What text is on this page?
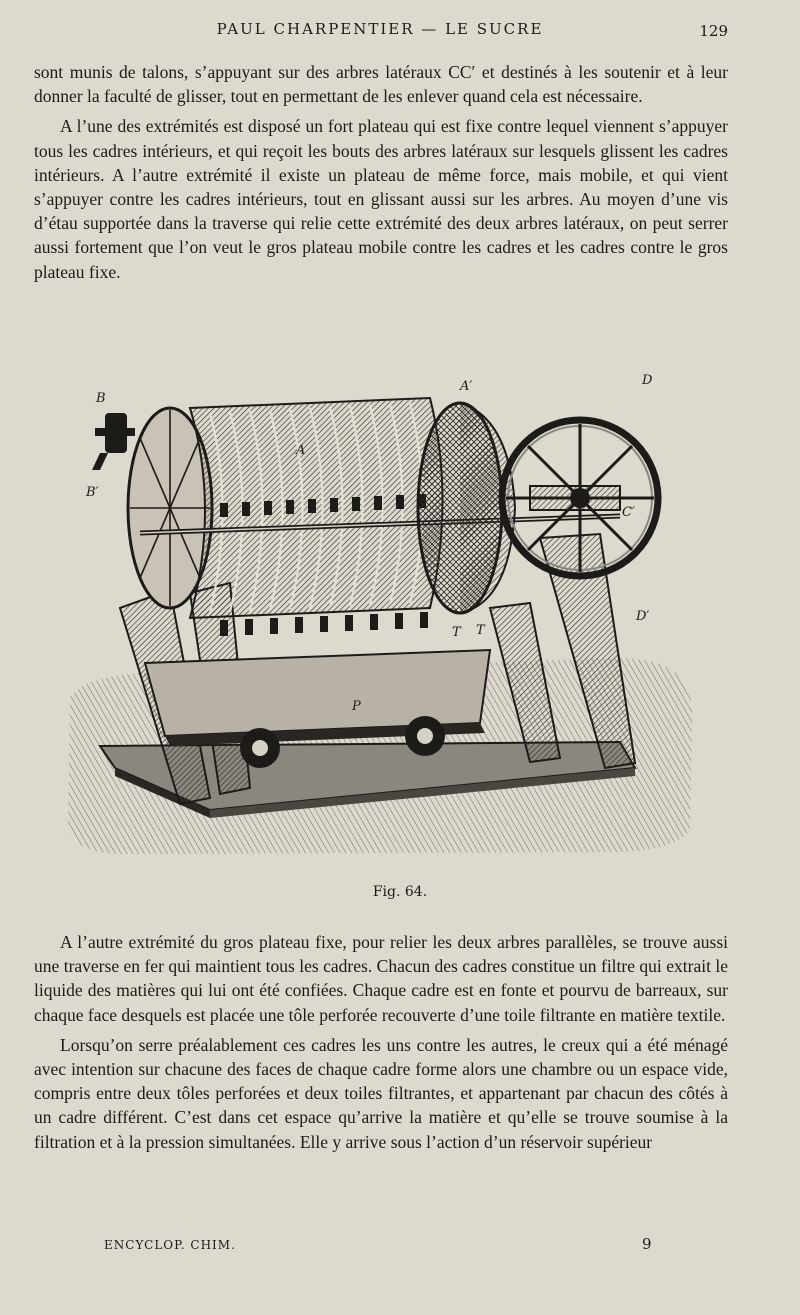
PAUL CHARPENTIER — LE SUCRE	129

sont munis de talons, s’appuyant sur des arbres latéraux CC′ et destinés à les soutenir et à leur donner la faculté de glisser, tout en permettant de les enlever quand cela est nécessaire.

A l’une des extrémités est disposé un fort plateau qui est fixe contre lequel viennent s’appuyer tous les cadres intérieurs, et qui reçoit les bouts des arbres latéraux sur lesquels glissent les cadres intérieurs. A l’autre extrémité il existe un plateau de même force, mais mobile, et qui vient s’appuyer contre les cadres intérieurs, tout en glissant aussi sur les arbres. Au moyen d’une vis d’étau supportée dans la traverse qui relie cette extrémité des deux arbres latéraux, on peut serrer aussi fortement que l’on veut le gros plateau mobile contre les cadres et les cadres contre le gros plateau fixe.

B
B′
A
A′	D
D′
C′
T T
P
Fig. 64.

A l’autre extrémité du gros plateau fixe, pour relier les deux arbres parallèles, se trouve aussi une traverse en fer qui maintient tous les cadres. Chacun des cadres constitue un filtre qui extrait le liquide des matières qui lui ont été confiées. Chaque cadre est en fonte et pourvu de barreaux, sur chaque face desquels est placée une tôle perforée recouverte d’une toile filtrante en matière textile.

Lorsqu’on serre préalablement ces cadres les uns contre les autres, le creux qui a été ménagé avec intention sur chacune des faces de chaque cadre forme alors une chambre ou un espace vide, compris entre deux tôles perforées et deux toiles filtrantes, et appartenant par chacun des côtés à un cadre différent. C’est dans cet espace qu’arrive la matière et qu’elle se trouve soumise à la filtration et à la pression simultanées. Elle y arrive sous l’action d’un réservoir supérieur

ENCYCLOP. CHIM.	9
